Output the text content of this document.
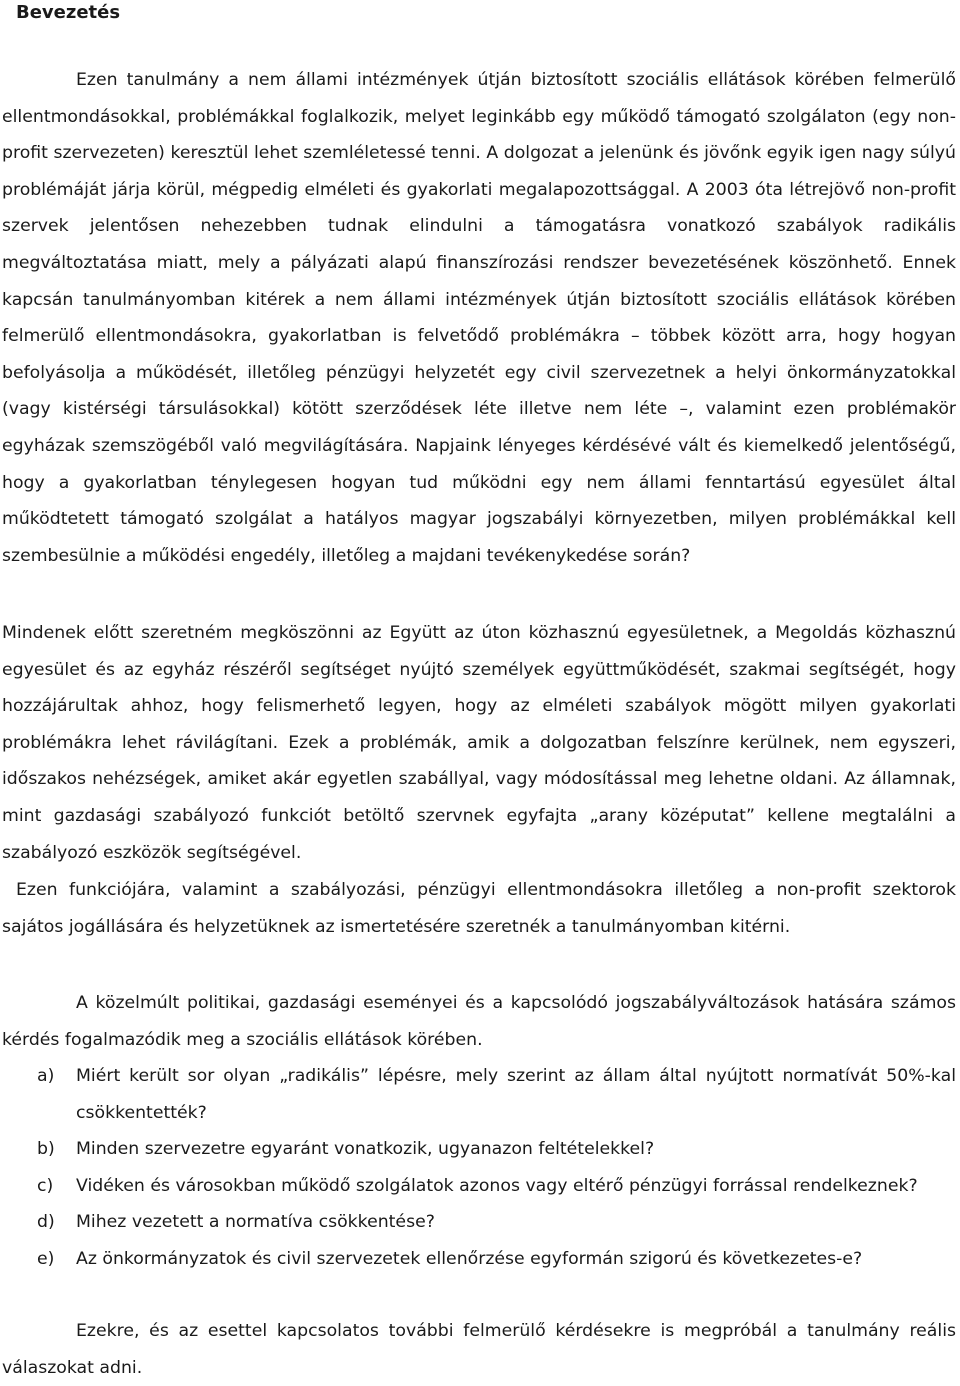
Bevezetés

Ezen tanulmány a nem állami intézmények útján biztosított szociális ellátások körében felmerülő ellentmondásokkal, problémákkal foglalkozik, melyet leginkább egy működő támogató szolgálaton (egy non-profit szervezeten) keresztül lehet szemléletessé tenni. A dolgozat a jelenünk és jövőnk egyik igen nagy súlyú problémáját járja körül, mégpedig elméleti és gyakorlati megalapozottsággal. A 2003 óta létrejövő non-profit szervek jelentősen nehezebben tudnak elindulni a támogatásra vonatkozó szabályok radikális megváltoztatása miatt, mely a pályázati alapú finanszírozási rendszer bevezetésének köszönhető. Ennek kapcsán tanulmányomban kitérek a nem állami intézmények útján biztosított szociális ellátások körében felmerülő ellentmondásokra, gyakorlatban is felvetődő problémákra – többek között arra, hogy hogyan befolyásolja a működését, illetőleg pénzügyi helyzetét egy civil szervezetnek a helyi önkormányzatokkal (vagy kistérségi társulásokkal) kötött szerződések léte illetve nem léte –, valamint ezen problémakör egyházak szemszögéből való megvilágítására. Napjaink lényeges kérdésévé vált és kiemelkedő jelentőségű, hogy a gyakorlatban ténylegesen hogyan tud működni egy nem állami fenntartású egyesület által működtetett támogató szolgálat a hatályos magyar jogszabályi környezetben, milyen problémákkal kell szembesülnie a működési engedély, illetőleg a majdani tevékenykedése során?

Mindenek előtt szeretném megköszönni az Együtt az úton közhasznú egyesületnek, a Megoldás közhasznú egyesület és az egyház részéről segítséget nyújtó személyek együttműködését, szakmai segítségét, hogy hozzájárultak ahhoz, hogy felismerhető legyen, hogy az elméleti szabályok mögött milyen gyakorlati problémákra lehet rávilágítani. Ezek a problémák, amik a dolgozatban felszínre kerülnek, nem egyszeri, időszakos nehézségek, amiket akár egyetlen szabállyal, vagy módosítással meg lehetne oldani. Az államnak, mint gazdasági szabályozó funkciót betöltő szervnek egyfajta „arany középutat” kellene megtalálni a szabályozó eszközök segítségével.

Ezen funkciójára, valamint a szabályozási, pénzügyi ellentmondásokra illetőleg a non-profit szektorok sajátos jogállására és helyzetüknek az ismertetésére szeretnék a tanulmányomban kitérni.

A közelmúlt politikai, gazdasági eseményei és a kapcsolódó jogszabályváltozások hatására számos kérdés fogalmazódik meg a szociális ellátások körében.

a) Miért került sor olyan „radikális” lépésre, mely szerint az állam által nyújtott normatívát 50%-kal csökkentették?
b) Minden szervezetre egyaránt vonatkozik, ugyanazon feltételekkel?
c) Vidéken és városokban működő szolgálatok azonos vagy eltérő pénzügyi forrással rendelkeznek?
d) Mihez vezetett a normatíva csökkentése?
e) Az önkormányzatok és civil szervezetek ellenőrzése egyformán szigorú és következetes-e?

Ezekre, és az esettel kapcsolatos további felmerülő kérdésekre is megpróbál a tanulmány reális válaszokat adni.
